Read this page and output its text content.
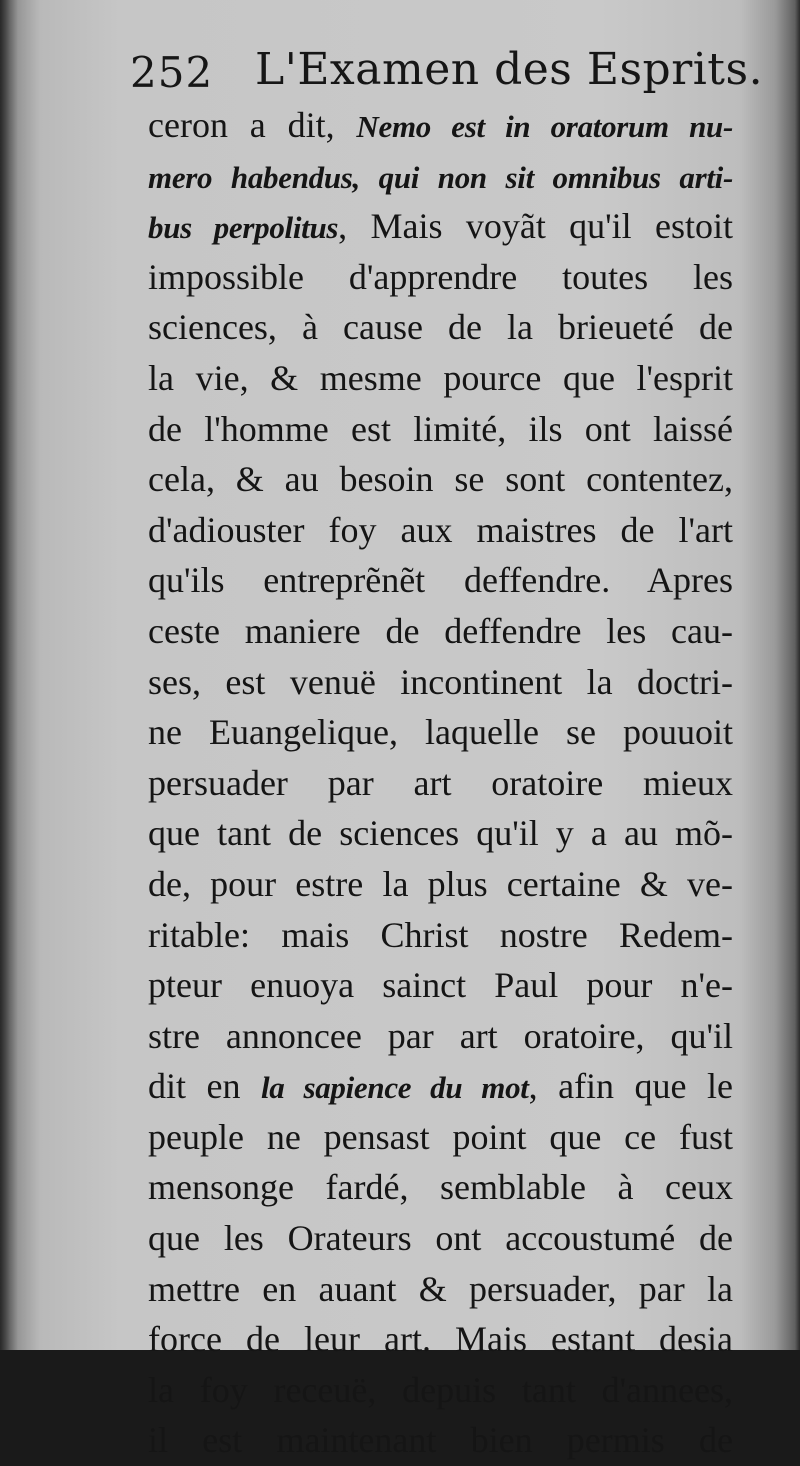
252 L'Examen des Esprits.
ceron a dit, Nemo est in oratorum nu-
mero habendus, qui non sit omnibus arti-
bus perpolitus, Mais voyãt qu'il estoit
impossible d'apprendre toutes les
sciences, à cause de la brieueté de
la vie, & mesme pource que l'esprit
de l'homme est limité, ils ont laissé
cela, & au besoin se sont contentez,
d'adiouster foy aux maistres de l'art
qu'ils entreprẽnẽt deffendre. Apres
ceste maniere de deffendre les cau-
ses, est venuë incontinent la doctri-
ne Euangelique, laquelle se pouuoit
persuader par art oratoire mieux
que tant de sciences qu'il y a au mõ-
de, pour estre la plus certaine & ve-
ritable: mais Christ nostre Redem-
pteur enuoya sainct Paul pour n'e-
stre annoncee par art oratoire, qu'il
dit en la sapience du mot, afin que le
peuple ne pensast point que ce fust
mensonge fardé, semblable à ceux
que les Orateurs ont accoustumé de
mettre en auant & persuader, par la
force de leur art. Mais estant desia
la foy receuë, depuis tant d'annees,
il est maintenant bien permis de
